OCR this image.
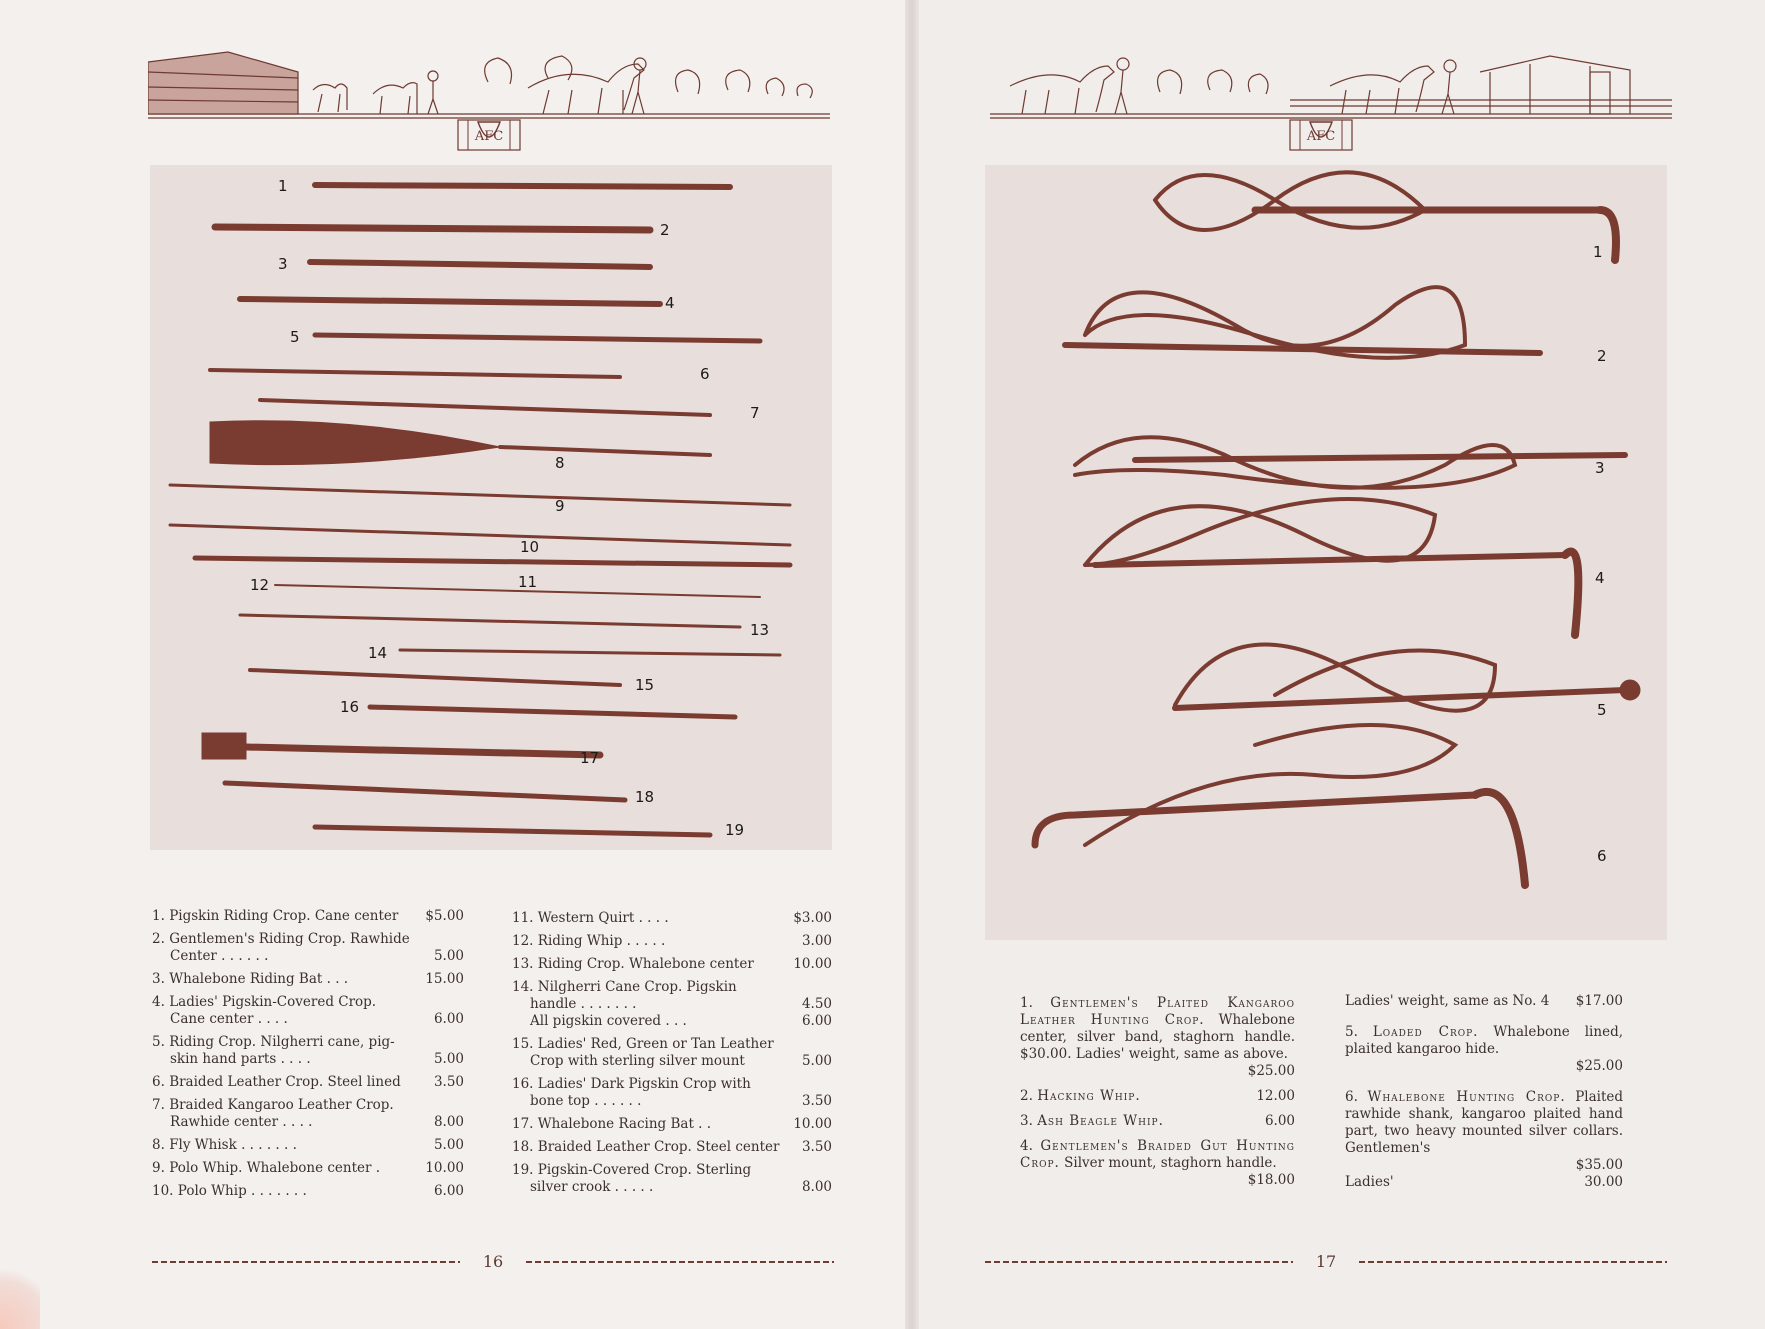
AFC	AFC
1
2
3
4
5
6
7
8
9
10
11
12
13
14
15
16
17
18
19
1
2
3
4
5
6
1. Pigskin Riding Crop. Cane center	$5.00
2. Gentlemen's Riding Crop. Rawhide
Center . . . . . .	5.00
3. Whalebone Riding Bat . . .	15.00
4. Ladies' Pigskin-Covered Crop.
Cane center . . . .	6.00
5. Riding Crop. Nilgherri cane, pig-
skin hand parts . . . .	5.00
6. Braided Leather Crop. Steel lined	3.50
7. Braided Kangaroo Leather Crop.
Rawhide center . . . .	8.00
8. Fly Whisk . . . . . . .	5.00
9. Polo Whip. Whalebone center .	10.00
10. Polo Whip . . . . . . .	6.00
11. Western Quirt . . . .	$3.00
12. Riding Whip . . . . .	3.00
13. Riding Crop. Whalebone center	10.00
14. Nilgherri Cane Crop. Pigskin
handle . . . . . . .	4.50
All pigskin covered . . .	6.00
15. Ladies' Red, Green or Tan Leather
Crop with sterling silver mount	5.00
16. Ladies' Dark Pigskin Crop with
bone top . . . . . .	3.50
17. Whalebone Racing Bat . .	10.00
18. Braided Leather Crop. Steel center	3.50
19. Pigskin-Covered Crop. Sterling
silver crook . . . . .	8.00
1. Gentlemen's Plaited Kangaroo Leather Hunting Crop. Whalebone center, silver band, staghorn handle. $30.00. Ladies' weight, same as above.
$25.00
2. Hacking Whip.	12.00
3. Ash Beagle Whip.	6.00
4. Gentlemen's Braided Gut Hunting Crop. Silver mount, staghorn handle.
$18.00
Ladies' weight, same as No. 4 $17.00
5. Loaded Crop. Whalebone lined, plaited kangaroo hide.
$25.00
6. Whalebone Hunting Crop. Plaited rawhide shank, kangaroo plaited hand part, two heavy mounted silver collars. Gentlemen's
$35.00
Ladies'	30.00
16	17
